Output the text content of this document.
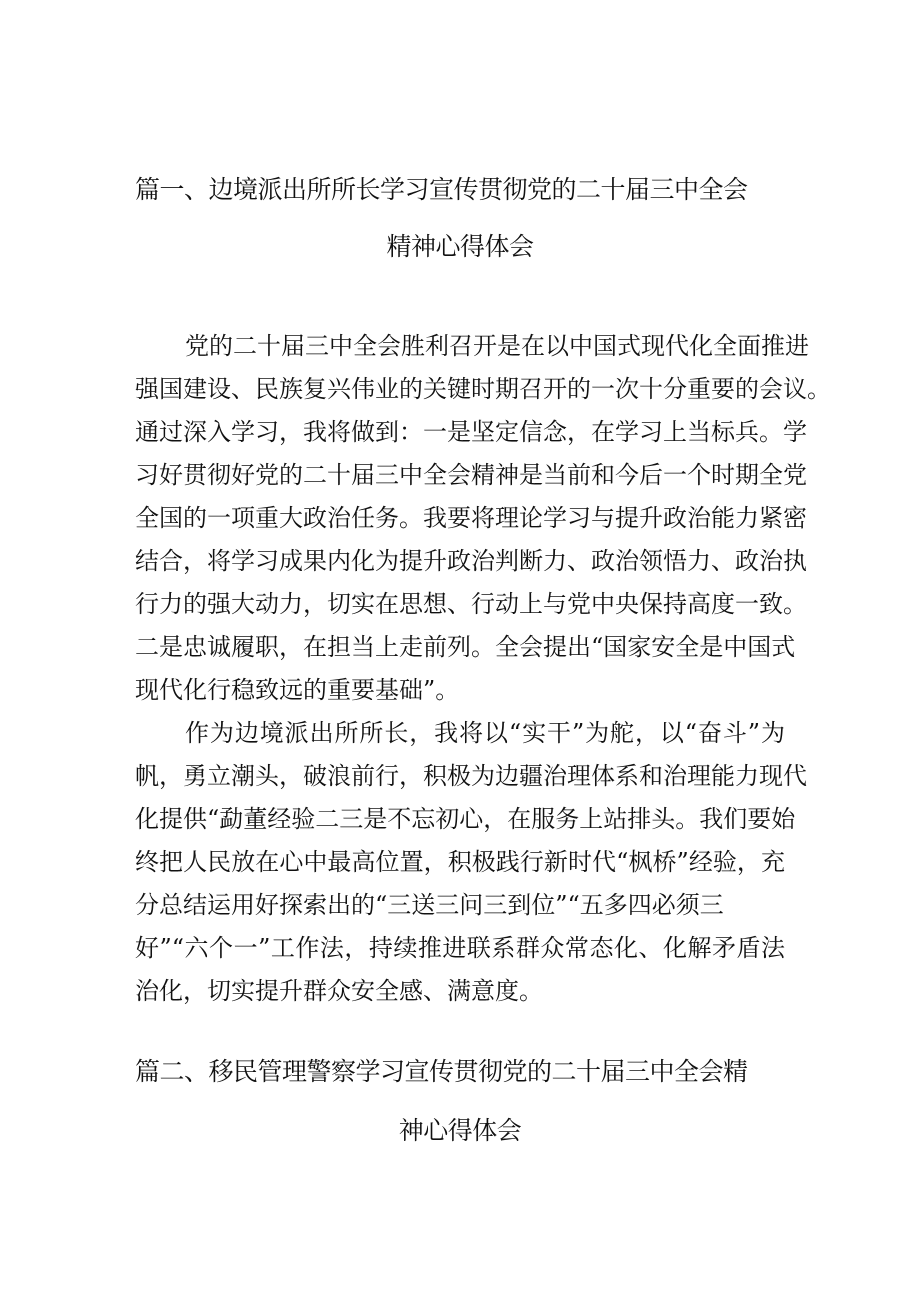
篇一、边境派出所所长学习宣传贯彻党的二十届三中全会
精神心得体会
党的二十届三中全会胜利召开是在以中国式现代化全面推进
强国建设、民族复兴伟业的关键时期召开的一次十分重要的会议。
通过深入学习，我将做到：一是坚定信念，在学习上当标兵。学
习好贯彻好党的二十届三中全会精神是当前和今后一个时期全党
全国的一项重大政治任务。我要将理论学习与提升政治能力紧密
结合，将学习成果内化为提升政治判断力、政治领悟力、政治执
行力的强大动力，切实在思想、行动上与党中央保持高度一致。
二是忠诚履职，在担当上走前列。全会提出“国家安全是中国式
现代化行稳致远的重要基础”。
作为边境派出所所长，我将以“实干”为舵，以“奋斗”为
帆，勇立潮头，破浪前行，积极为边疆治理体系和治理能力现代
化提供“勐董经验二三是不忘初心，在服务上站排头。我们要始
终把人民放在心中最高位置，积极践行新时代“枫桥”经验，充
分总结运用好探索出的“三送三问三到位”“五多四必须三
好”“六个一”工作法，持续推进联系群众常态化、化解矛盾法
治化，切实提升群众安全感、满意度。
篇二、移民管理警察学习宣传贯彻党的二十届三中全会精
神心得体会
